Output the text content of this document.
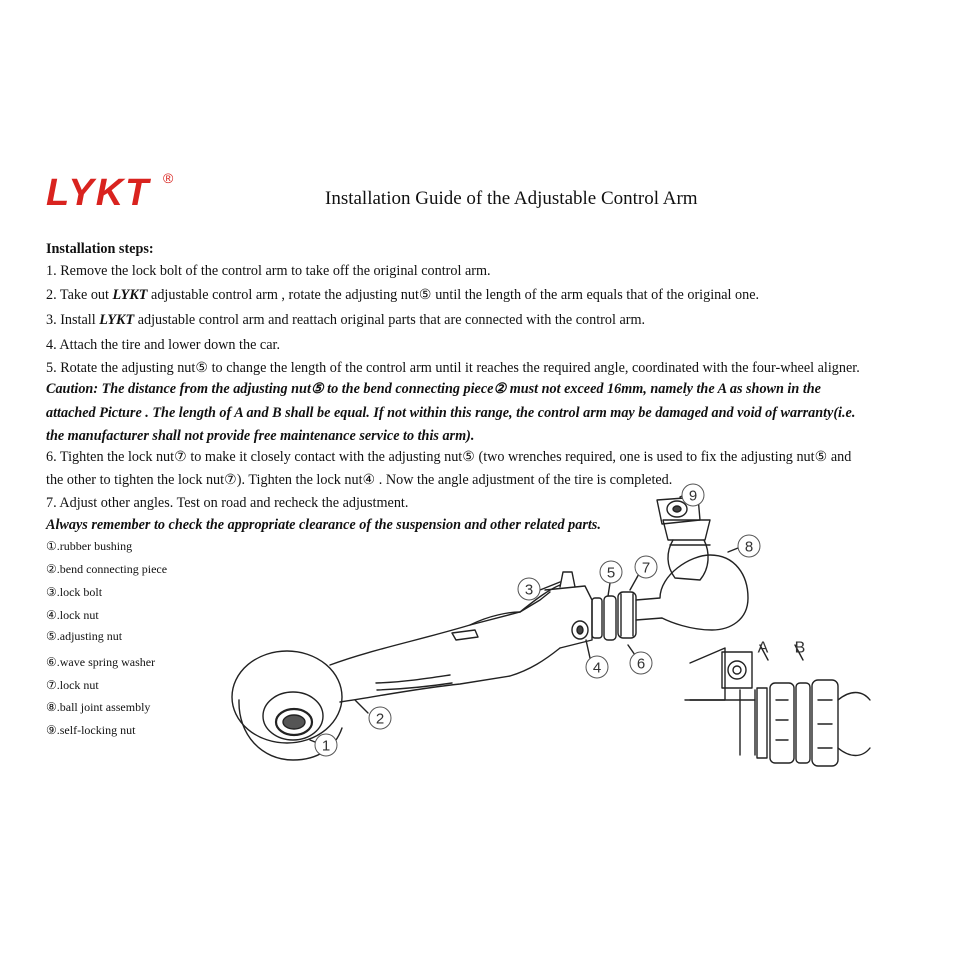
LYKT ®
Installation Guide of the Adjustable Control Arm
Installation steps:
1. Remove the lock bolt of the control arm to take off the original control arm.
2. Take out LYKT adjustable control arm , rotate the adjusting nut⑤ until the length of the arm equals that of the original one.
3. Install LYKT adjustable control arm and reattach original parts that are connected with the control arm.
4. Attach the tire and lower down the car.
5. Rotate the adjusting nut⑤ to change the length of the control arm until it reaches the required angle, coordinated with the four-wheel aligner.
Caution: The distance from the adjusting nut⑤ to the bend connecting piece② must not exceed 16mm, namely the A as shown in the
attached Picture . The length of A and B shall be equal. If not within this range, the control arm may be damaged and void of warranty(i.e.
the manufacturer shall not provide free maintenance service to this arm).
6. Tighten the lock nut⑦ to make it closely contact with the adjusting nut⑤ (two wrenches required, one is used to fix the adjusting nut⑤ and
the other to tighten the lock nut⑦). Tighten the lock nut④ . Now the angle adjustment of the tire is completed.
7. Adjust other angles. Test on road and recheck the adjustment.
Always remember to check the appropriate clearance of the suspension and other related parts.
①.rubber bushing
②.bend connecting piece
③.lock bolt
④.lock nut
⑤.adjusting nut
⑥.wave spring washer
⑦.lock nut
⑧.ball joint assembly
⑨.self-locking nut
1
2
3
4
5
6
7
8
9
A B
